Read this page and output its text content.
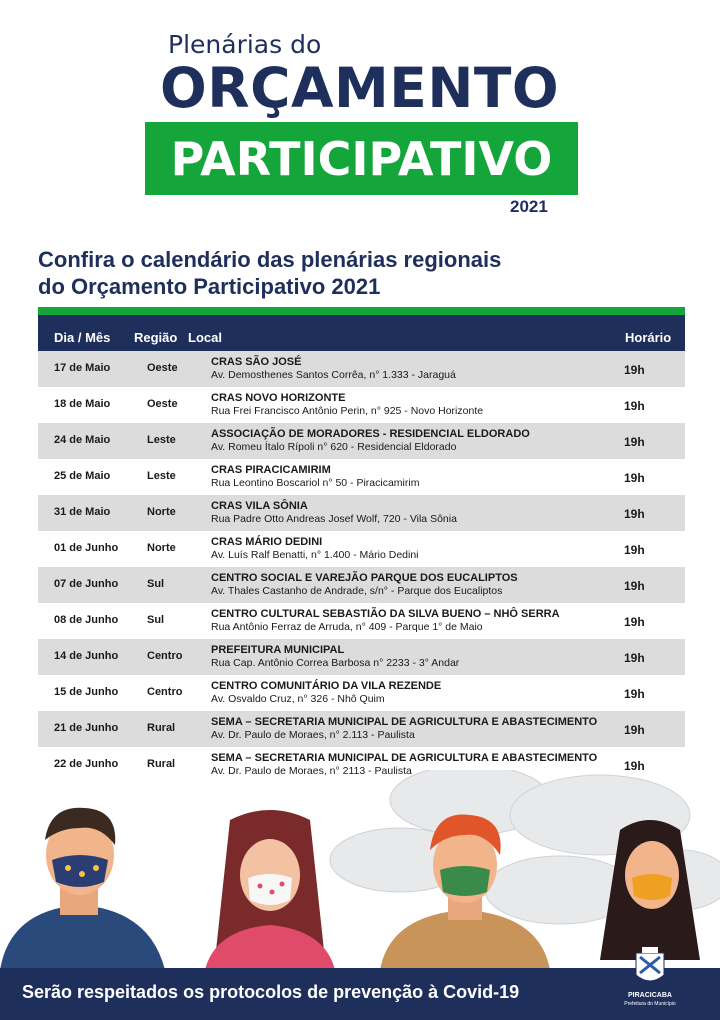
Plenárias do
ORÇAMENTO
PARTICIPATIVO
2021
Confira o calendário das plenárias regionais
do Orçamento Participativo 2021
Dia / Mês Região Local	Horário
17 de Maio	Oeste	CRAS SÃO JOSÉ
Av. Demosthenes Santos Corrêa, n° 1.333 - Jaraguá	19h
18 de Maio	Oeste	CRAS NOVO HORIZONTE
Rua Frei Francisco Antônio Perin, n° 925 - Novo Horizonte	19h
24 de Maio	Leste	ASSOCIAÇÃO DE MORADORES - RESIDENCIAL ELDORADO
Av. Romeu Ítalo Rípoli n° 620 - Residencial Eldorado	19h
25 de Maio	Leste	CRAS PIRACICAMIRIM
Rua Leontino Boscariol n° 50 - Piracicamirim	19h
31 de Maio	Norte	CRAS VILA SÔNIA
Rua Padre Otto Andreas Josef Wolf, 720 - Vila Sônia	19h
01 de Junho	Norte	CRAS MÁRIO DEDINI
Av. Luís Ralf Benatti, n° 1.400 - Mário Dedini	19h
07 de Junho	Sul	CENTRO SOCIAL E VAREJÃO PARQUE DOS EUCALIPTOS
Av. Thales Castanho de Andrade, s/n° - Parque dos Eucaliptos	19h
08 de Junho	Sul	CENTRO CULTURAL SEBASTIÃO DA SILVA BUENO – NHÔ SERRA
Rua Antônio Ferraz de Arruda, n° 409 - Parque 1° de Maio	19h
14 de Junho	Centro	PREFEITURA MUNICIPAL
Rua Cap. Antônio Correa Barbosa n° 2233 - 3° Andar	19h
15 de Junho	Centro	CENTRO COMUNITÁRIO DA VILA REZENDE
Av. Osvaldo Cruz, n° 326 - Nhô Quim	19h
21 de Junho	Rural	SEMA – SECRETARIA MUNICIPAL DE AGRICULTURA E ABASTECIMENTO
Av. Dr. Paulo de Moraes, n° 2.113 - Paulista	19h
22 de Junho	Rural	SEMA – SECRETARIA MUNICIPAL DE AGRICULTURA E ABASTECIMENTO
Av. Dr. Paulo de Moraes, n° 2113 - Paulista	19h
Serão respeitados os protocolos de prevenção à Covid-19	PIRACICABA
Prefeitura do Município
